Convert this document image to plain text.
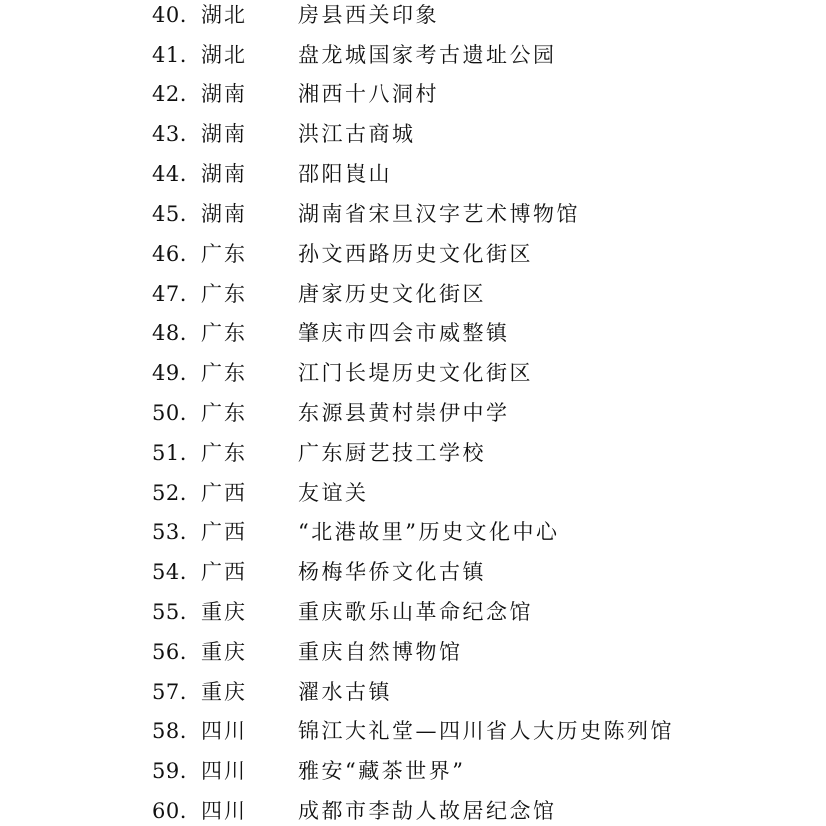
40. 湖北 房县西关印象
41. 湖北 盘龙城国家考古遗址公园
42. 湖南 湘西十八洞村
43. 湖南 洪江古商城
44. 湖南 邵阳崀山
45. 湖南 湖南省宋旦汉字艺术博物馆
46. 广东 孙文西路历史文化街区
47. 广东 唐家历史文化街区
48. 广东 肇庆市四会市威整镇
49. 广东 江门长堤历史文化街区
50. 广东 东源县黄村崇伊中学
51. 广东 广东厨艺技工学校
52. 广西 友谊关
53. 广西 “北港故里”历史文化中心
54. 广西 杨梅华侨文化古镇
55. 重庆 重庆歌乐山革命纪念馆
56. 重庆 重庆自然博物馆
57. 重庆 濯水古镇
58. 四川 锦江大礼堂—四川省人大历史陈列馆
59. 四川 雅安“藏茶世界”
60. 四川 成都市李劼人故居纪念馆
